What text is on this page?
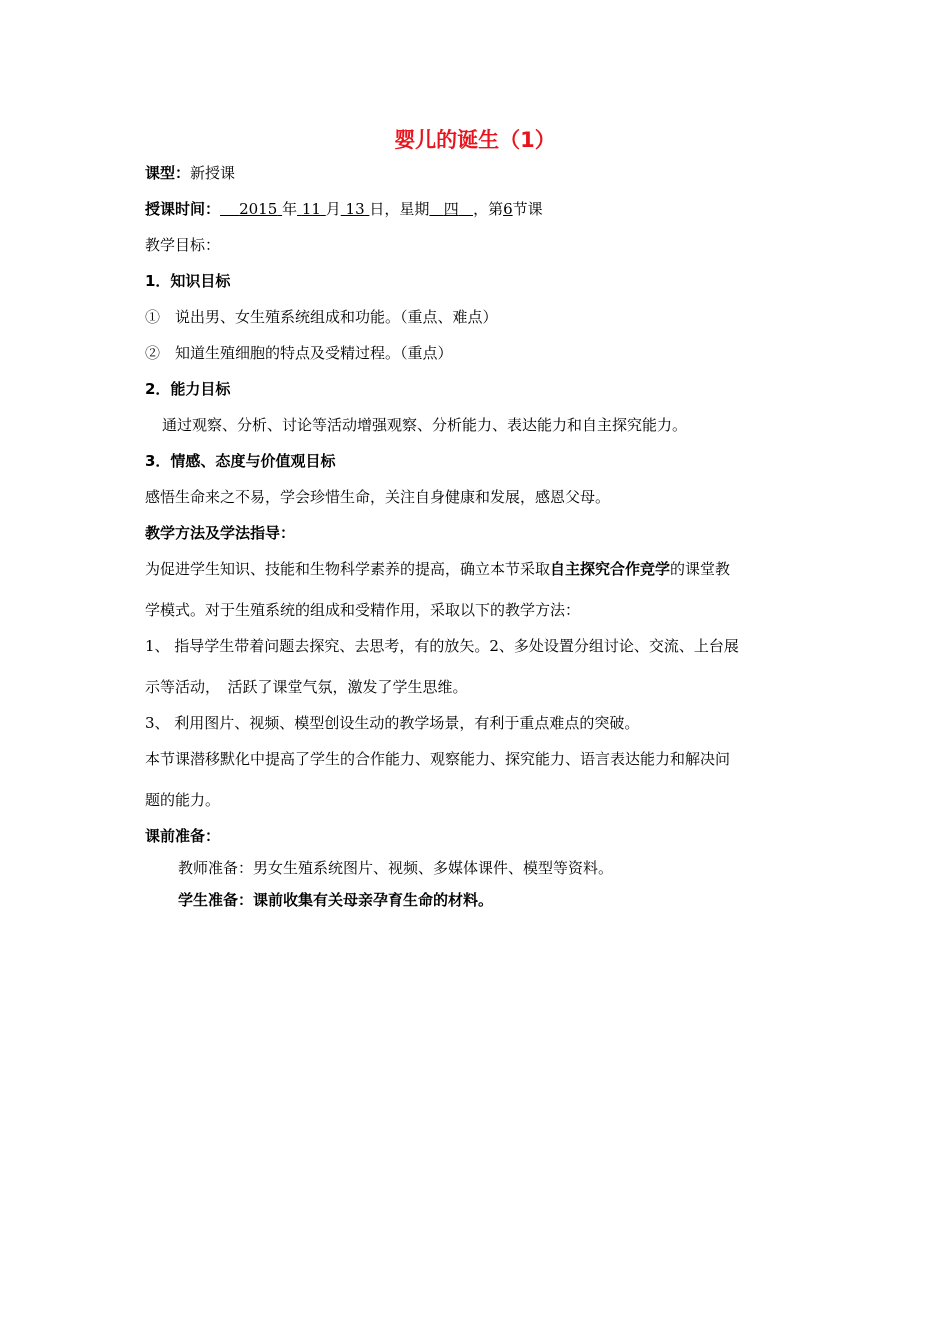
婴儿的诞生（1）
课型：新授课
授课时间： 2015 年 11 月 13 日，星期 四 ，第6节课
教学目标：
1．知识目标
①　说出男、女生殖系统组成和功能。（重点、难点）
②　知道生殖细胞的特点及受精过程。（重点）
2．能力目标
通过观察、分析、讨论等活动增强观察、分析能力、表达能力和自主探究能力。
3．情感、态度与价值观目标
感悟生命来之不易，学会珍惜生命，关注自身健康和发展，感恩父母。
教学方法及学法指导：
为促进学生知识、技能和生物科学素养的提高，确立本节采取自主探究合作竞学的课堂教
学模式。对于生殖系统的组成和受精作用，采取以下的教学方法：
1、 指导学生带着问题去探究、去思考，有的放矢。2、多处设置分组讨论、交流、上台展
示等活动，　活跃了课堂气氛，激发了学生思维。
3、 利用图片、视频、模型创设生动的教学场景，有利于重点难点的突破。
本节课潜移默化中提高了学生的合作能力、观察能力、探究能力、语言表达能力和解决问
题的能力。
课前准备：
教师准备：男女生殖系统图片、视频、多媒体课件、模型等资料。
学生准备：课前收集有关母亲孕育生命的材料。
